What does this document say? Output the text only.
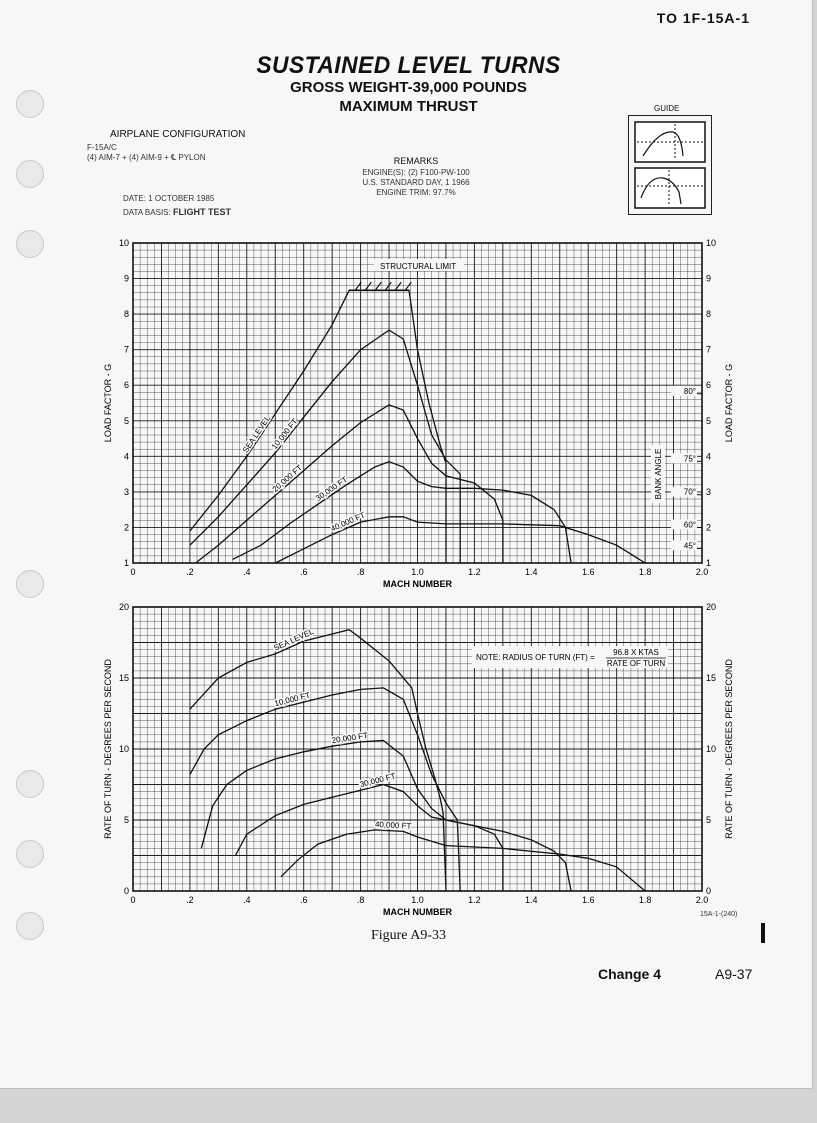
TO 1F-15A-1
SUSTAINED LEVEL TURNS
GROSS WEIGHT-39,000 POUNDS
MAXIMUM THRUST
AIRPLANE CONFIGURATION
F-15A/C
(4) AIM-7 + (4) AIM-9 + ℄ PYLON	REMARKS
ENGINE(S): (2) F100-PW-100
U.S. STANDARD DAY, 1 1966
ENGINE TRIM: 97.7%
DATE: 1 OCTOBER 1985
DATA BASIS: FLIGHT TEST
GUIDE
0	.2	.4	.6	.8	1.0	1.2	1.4	1.6	1.8	2.0
MACH NUMBER
1	1
2	2
3	3
4	4
5	5
6	6
7	7
8	8
9	9
10	10
LOAD FACTOR - G	LOAD FACTOR - G
SEA LEVEL
10,000 FT
20,000 FT 30,000 FT
40,000 FT
STRUCTURAL LIMIT
45°
60°
70°
75°
80°
BANK ANGLE
0	.2	.4	.6	.8	1.0	1.2	1.4	1.6	1.8	2.0
MACH NUMBER
0	0
5	5
10	10
15	15
20	20
RATE OF TURN - DEGREES PER SECOND	RATE OF TURN - DEGREES PER SECOND
SEA LEVEL
10,000 FT
20,000 FT
30,000 FT
40,000 FT
NOTE: RADIUS OF TURN (FT) =
96.8 X KTAS
RATE OF TURN
15A-1-(240)
Figure A9-33
Change 4	A9-37
